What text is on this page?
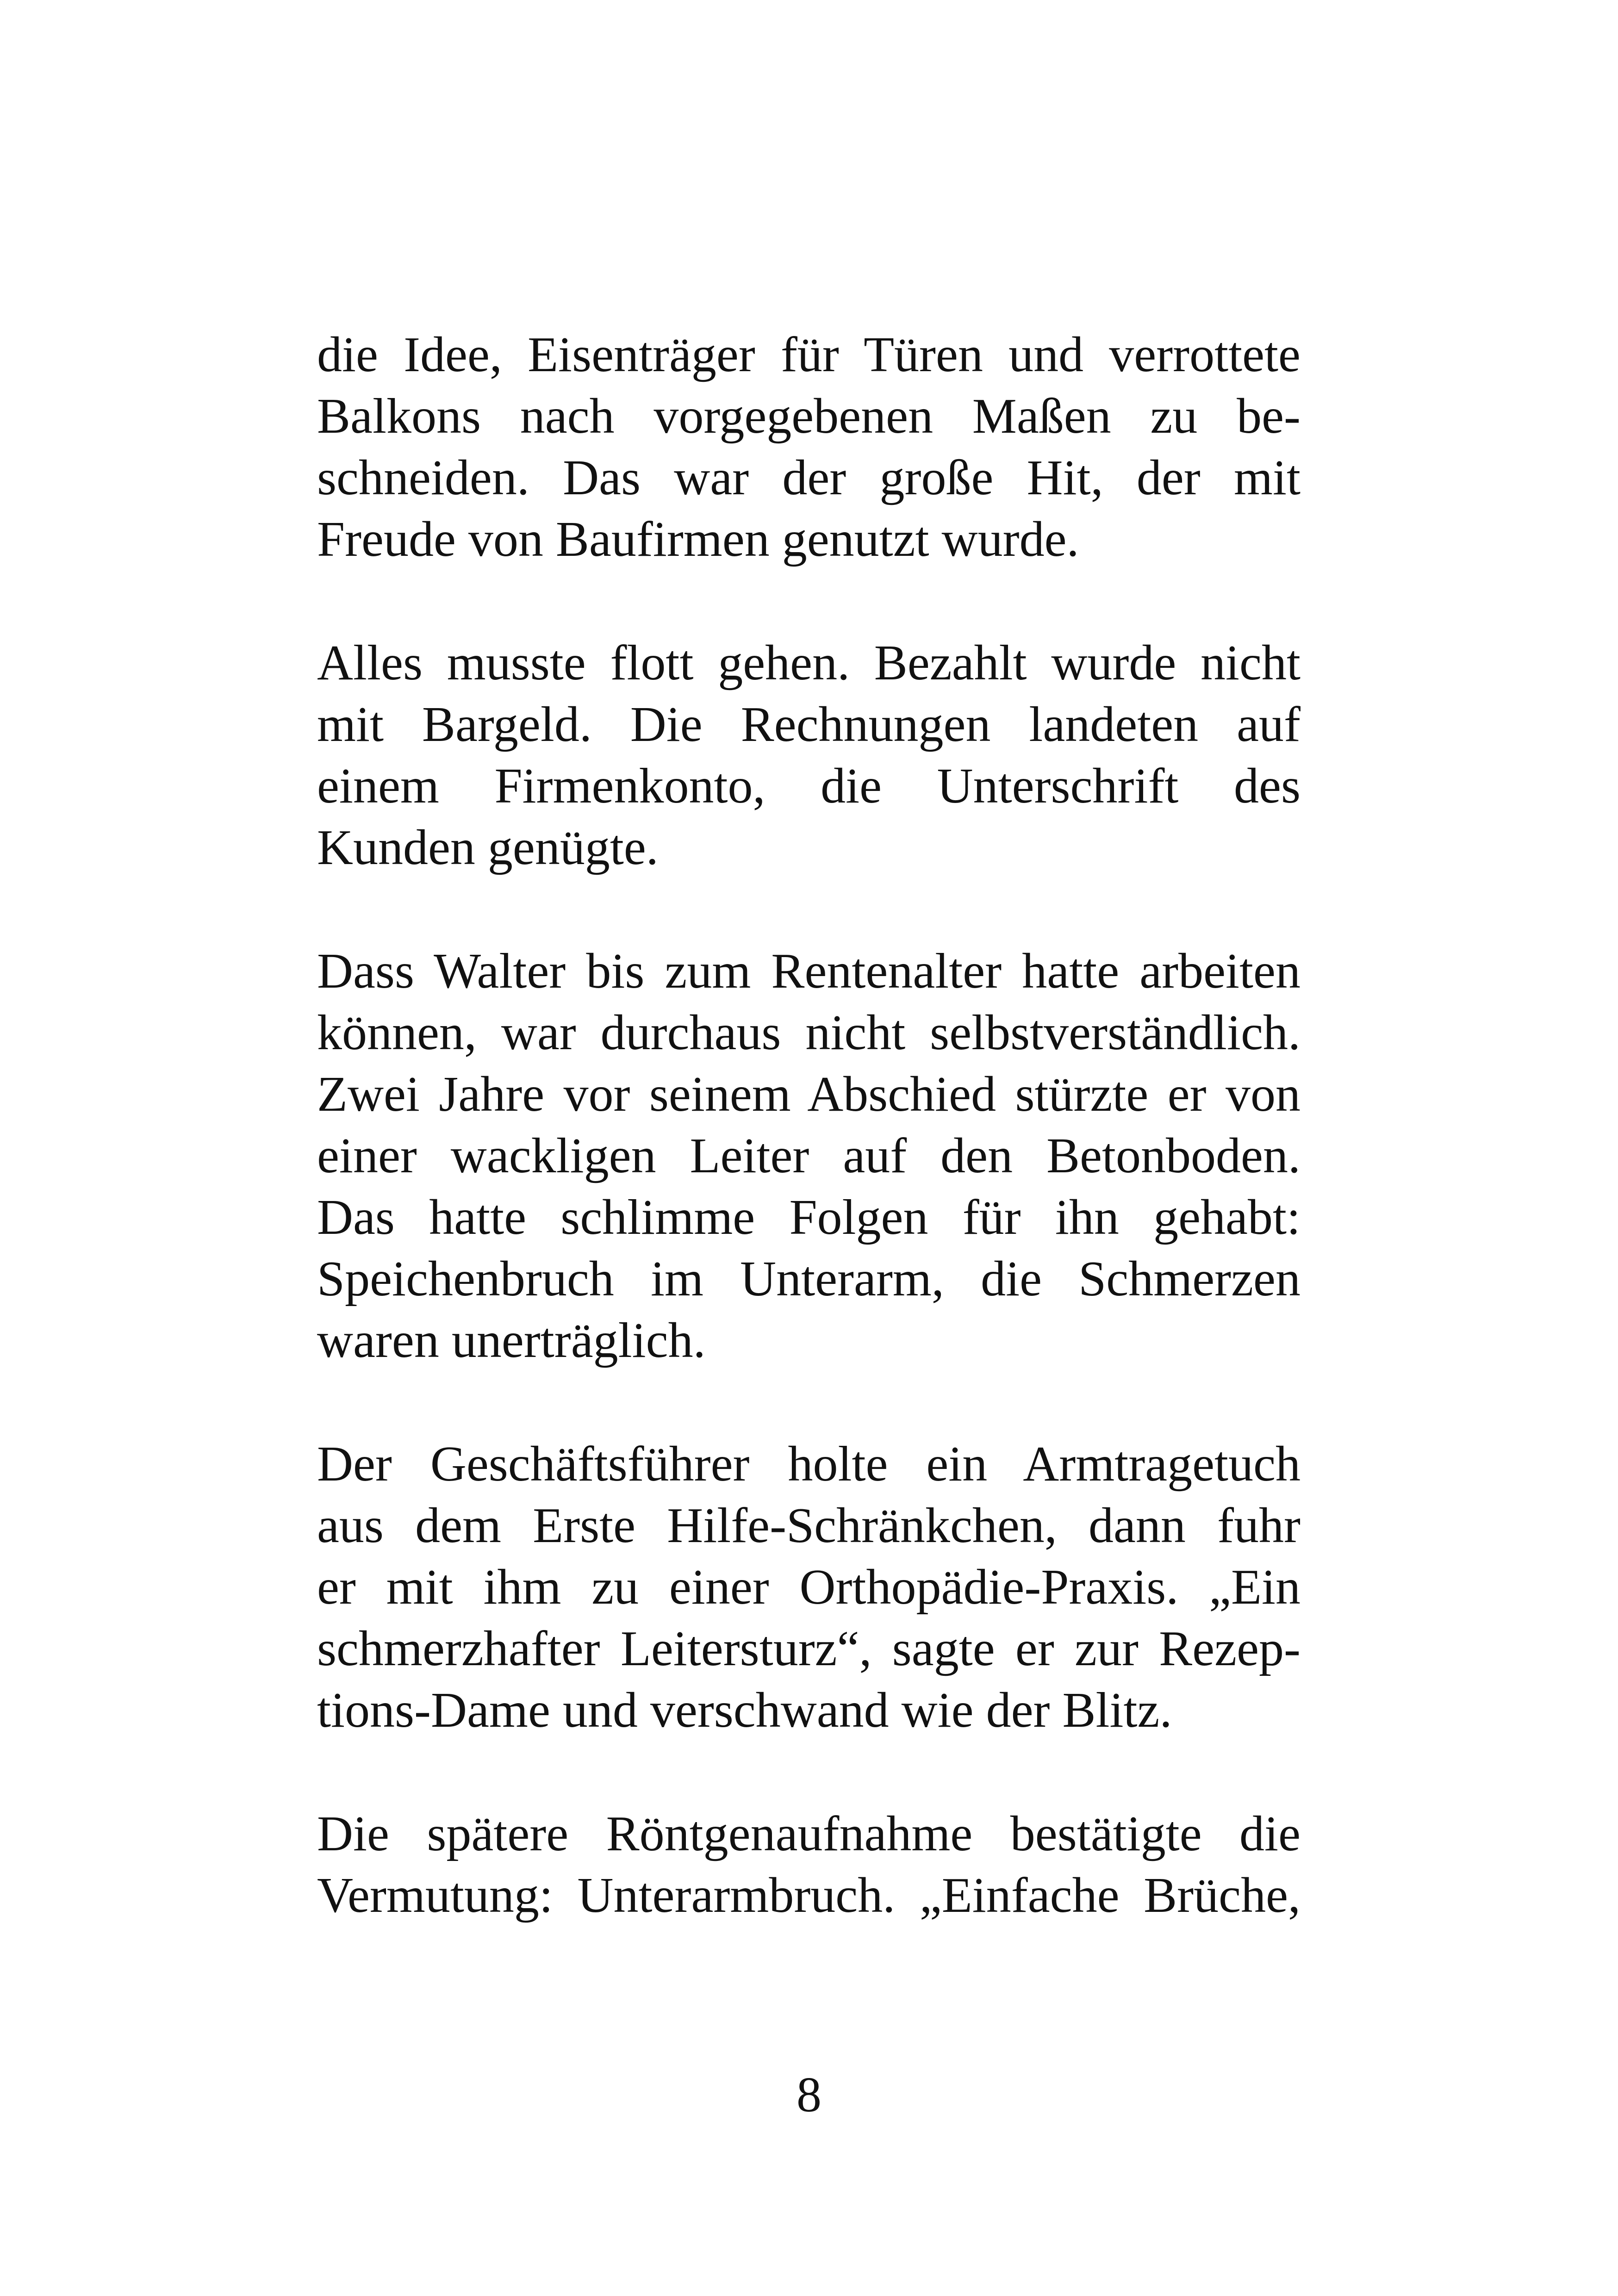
die Idee, Eisenträger für Türen und verrottete
Balkons nach vorgegebenen Maßen zu be-
schneiden. Das war der große Hit, der mit
Freude von Baufirmen genutzt wurde.
Alles musste flott gehen. Bezahlt wurde nicht
mit Bargeld. Die Rechnungen landeten auf
einem Firmenkonto, die Unterschrift des
Kunden genügte.
Dass Walter bis zum Rentenalter hatte arbeiten
können, war durchaus nicht selbstverständlich.
Zwei Jahre vor seinem Abschied stürzte er von
einer wackligen Leiter auf den Betonboden.
Das hatte schlimme Folgen für ihn gehabt:
Speichenbruch im Unterarm, die Schmerzen
waren unerträglich.
Der Geschäftsführer holte ein Armtragetuch
aus dem Erste Hilfe-Schränkchen, dann fuhr
er mit ihm zu einer Orthopädie-Praxis. „Ein
schmerzhafter Leitersturz“, sagte er zur Rezep-
tions-Dame und verschwand wie der Blitz.
Die spätere Röntgenaufnahme bestätigte die
Vermutung: Unterarmbruch. „Einfache Brüche,
8
